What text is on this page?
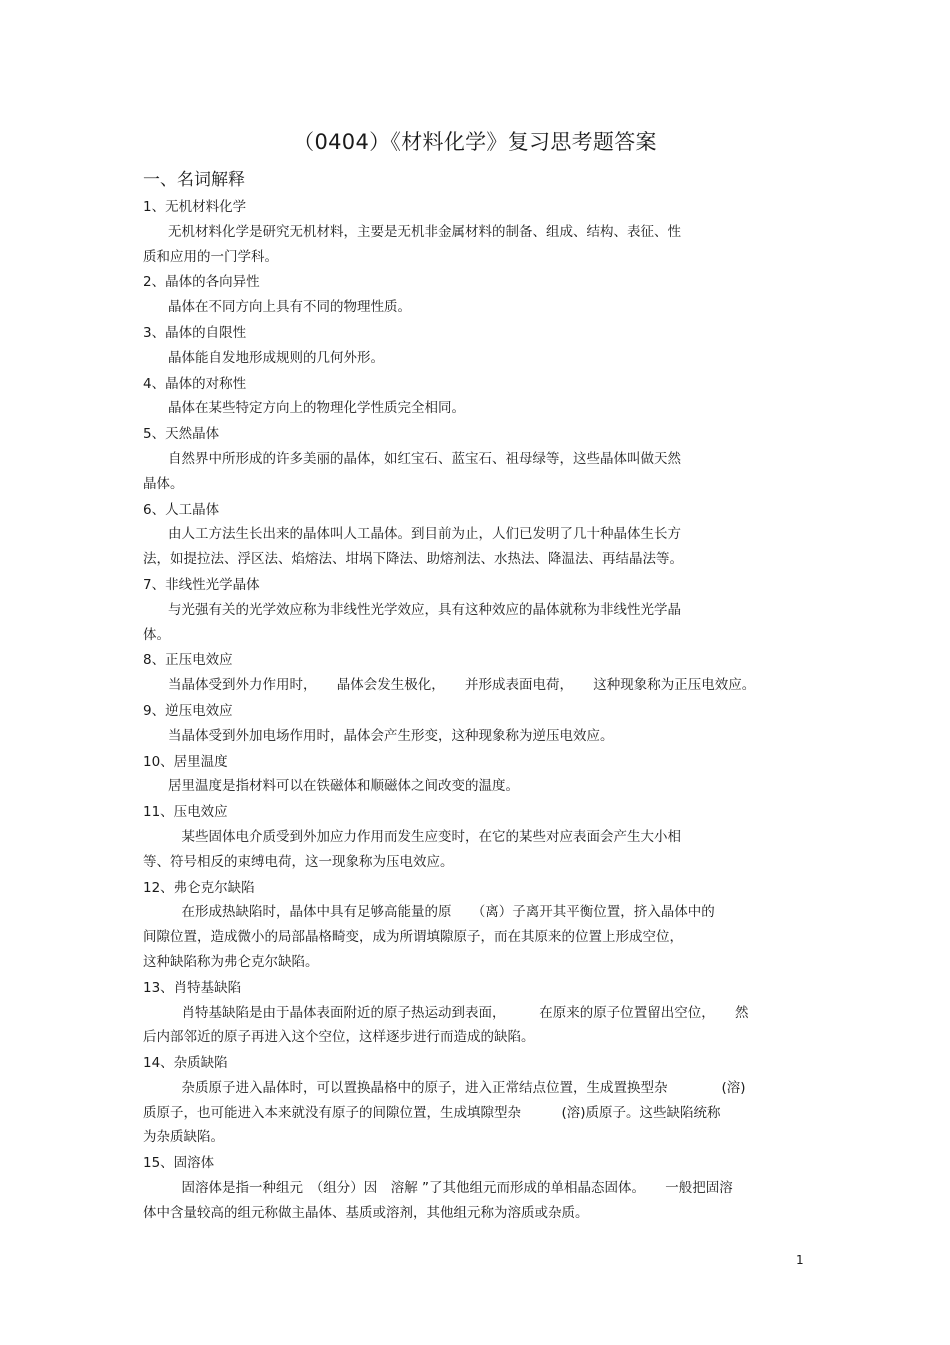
（0404）《材料化学》复习思考题答案
一、名词解释
1、无机材料化学
无机材料化学是研究无机材料，主要是无机非金属材料的制备、组成、结构、表征、性
质和应用的一门学科。
2、晶体的各向异性
晶体在不同方向上具有不同的物理性质。
3、晶体的自限性
晶体能自发地形成规则的几何外形。
4、晶体的对称性
晶体在某些特定方向上的物理化学性质完全相同。
5、天然晶体
自然界中所形成的许多美丽的晶体，如红宝石、蓝宝石、祖母绿等，这些晶体叫做天然
晶体。
6、人工晶体
由人工方法生长出来的晶体叫人工晶体。到目前为止，人们已发明了几十种晶体生长方
法，如提拉法、浮区法、焰熔法、坩埚下降法、助熔剂法、水热法、降温法、再结晶法等。
7、非线性光学晶体
与光强有关的光学效应称为非线性光学效应，具有这种效应的晶体就称为非线性光学晶
体。
8、正压电效应
当晶体受到外力作用时，　　晶体会发生极化，　　并形成表面电荷，　　这种现象称为正压电效应。
9、逆压电效应
当晶体受到外加电场作用时，晶体会产生形变，这种现象称为逆压电效应。
10、居里温度
居里温度是指材料可以在铁磁体和顺磁体之间改变的温度。
11、压电效应
　某些固体电介质受到外加应力作用而发生应变时，在它的某些对应表面会产生大小相
等、符号相反的束缚电荷，这一现象称为压电效应。
12、弗仑克尔缺陷
　在形成热缺陷时，晶体中具有足够高能量的原　　（离）子离开其平衡位置，挤入晶体中的
间隙位置，造成微小的局部晶格畸变，成为所谓填隙原子，而在其原来的位置上形成空位，
这种缺陷称为弗仑克尔缺陷。
13、肖特基缺陷
　肖特基缺陷是由于晶体表面附近的原子热运动到表面，　　　在原来的原子位置留出空位，　　然
后内部邻近的原子再进入这个空位，这样逐步进行而造成的缺陷。
14、杂质缺陷
　杂质原子进入晶体时，可以置换晶格中的原子，进入正常结点位置，生成置换型杂　　　　(溶)
质原子，也可能进入本来就没有原子的间隙位置，生成填隙型杂　　　(溶)质原子。这些缺陷统称
为杂质缺陷。
15、固溶体
　固溶体是指一种组元　（组分）因　溶解 ”了其他组元而形成的单相晶态固体。　　一般把固溶
体中含量较高的组元称做主晶体、基质或溶剂，其他组元称为溶质或杂质。
1
